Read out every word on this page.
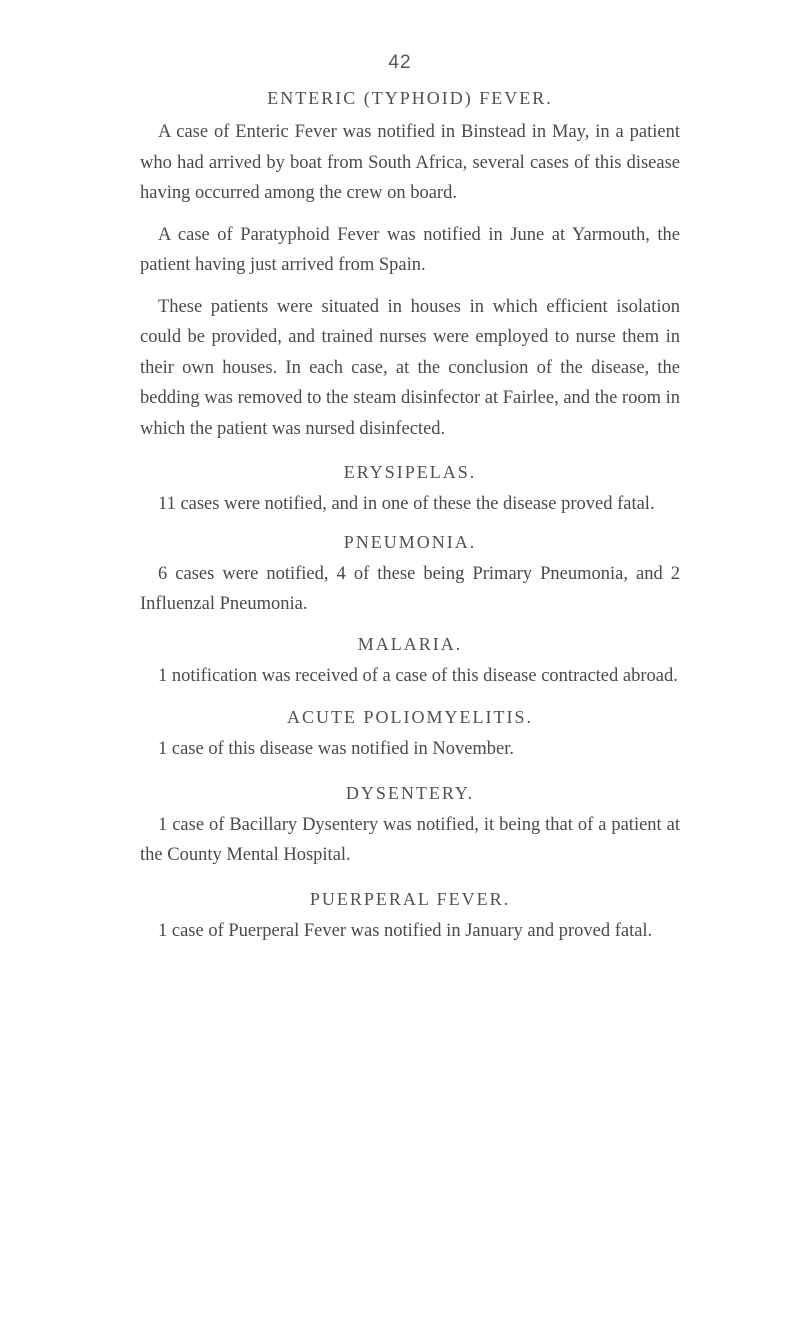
42
ENTERIC (TYPHOID) FEVER.

A case of Enteric Fever was notified in Binstead in May, in a patient who had arrived by boat from South Africa, several cases of this disease having occurred among the crew on board.

A case of Paratyphoid Fever was notified in June at Yarmouth, the patient having just arrived from Spain.

These patients were situated in houses in which efficient isolation could be provided, and trained nurses were employed to nurse them in their own houses. In each case, at the conclusion of the disease, the bedding was removed to the steam disinfector at Fairlee, and the room in which the patient was nursed disinfected.

ERYSIPELAS.

11 cases were notified, and in one of these the disease proved fatal.

PNEUMONIA.

6 cases were notified, 4 of these being Primary Pneumonia, and 2 Influenzal Pneumonia.

MALARIA.

1 notification was received of a case of this disease contracted abroad.

ACUTE POLIOMYELITIS.

1 case of this disease was notified in November.

DYSENTERY.

1 case of Bacillary Dysentery was notified, it being that of a patient at the County Mental Hospital.

PUERPERAL FEVER.

1 case of Puerperal Fever was notified in January and proved fatal.
